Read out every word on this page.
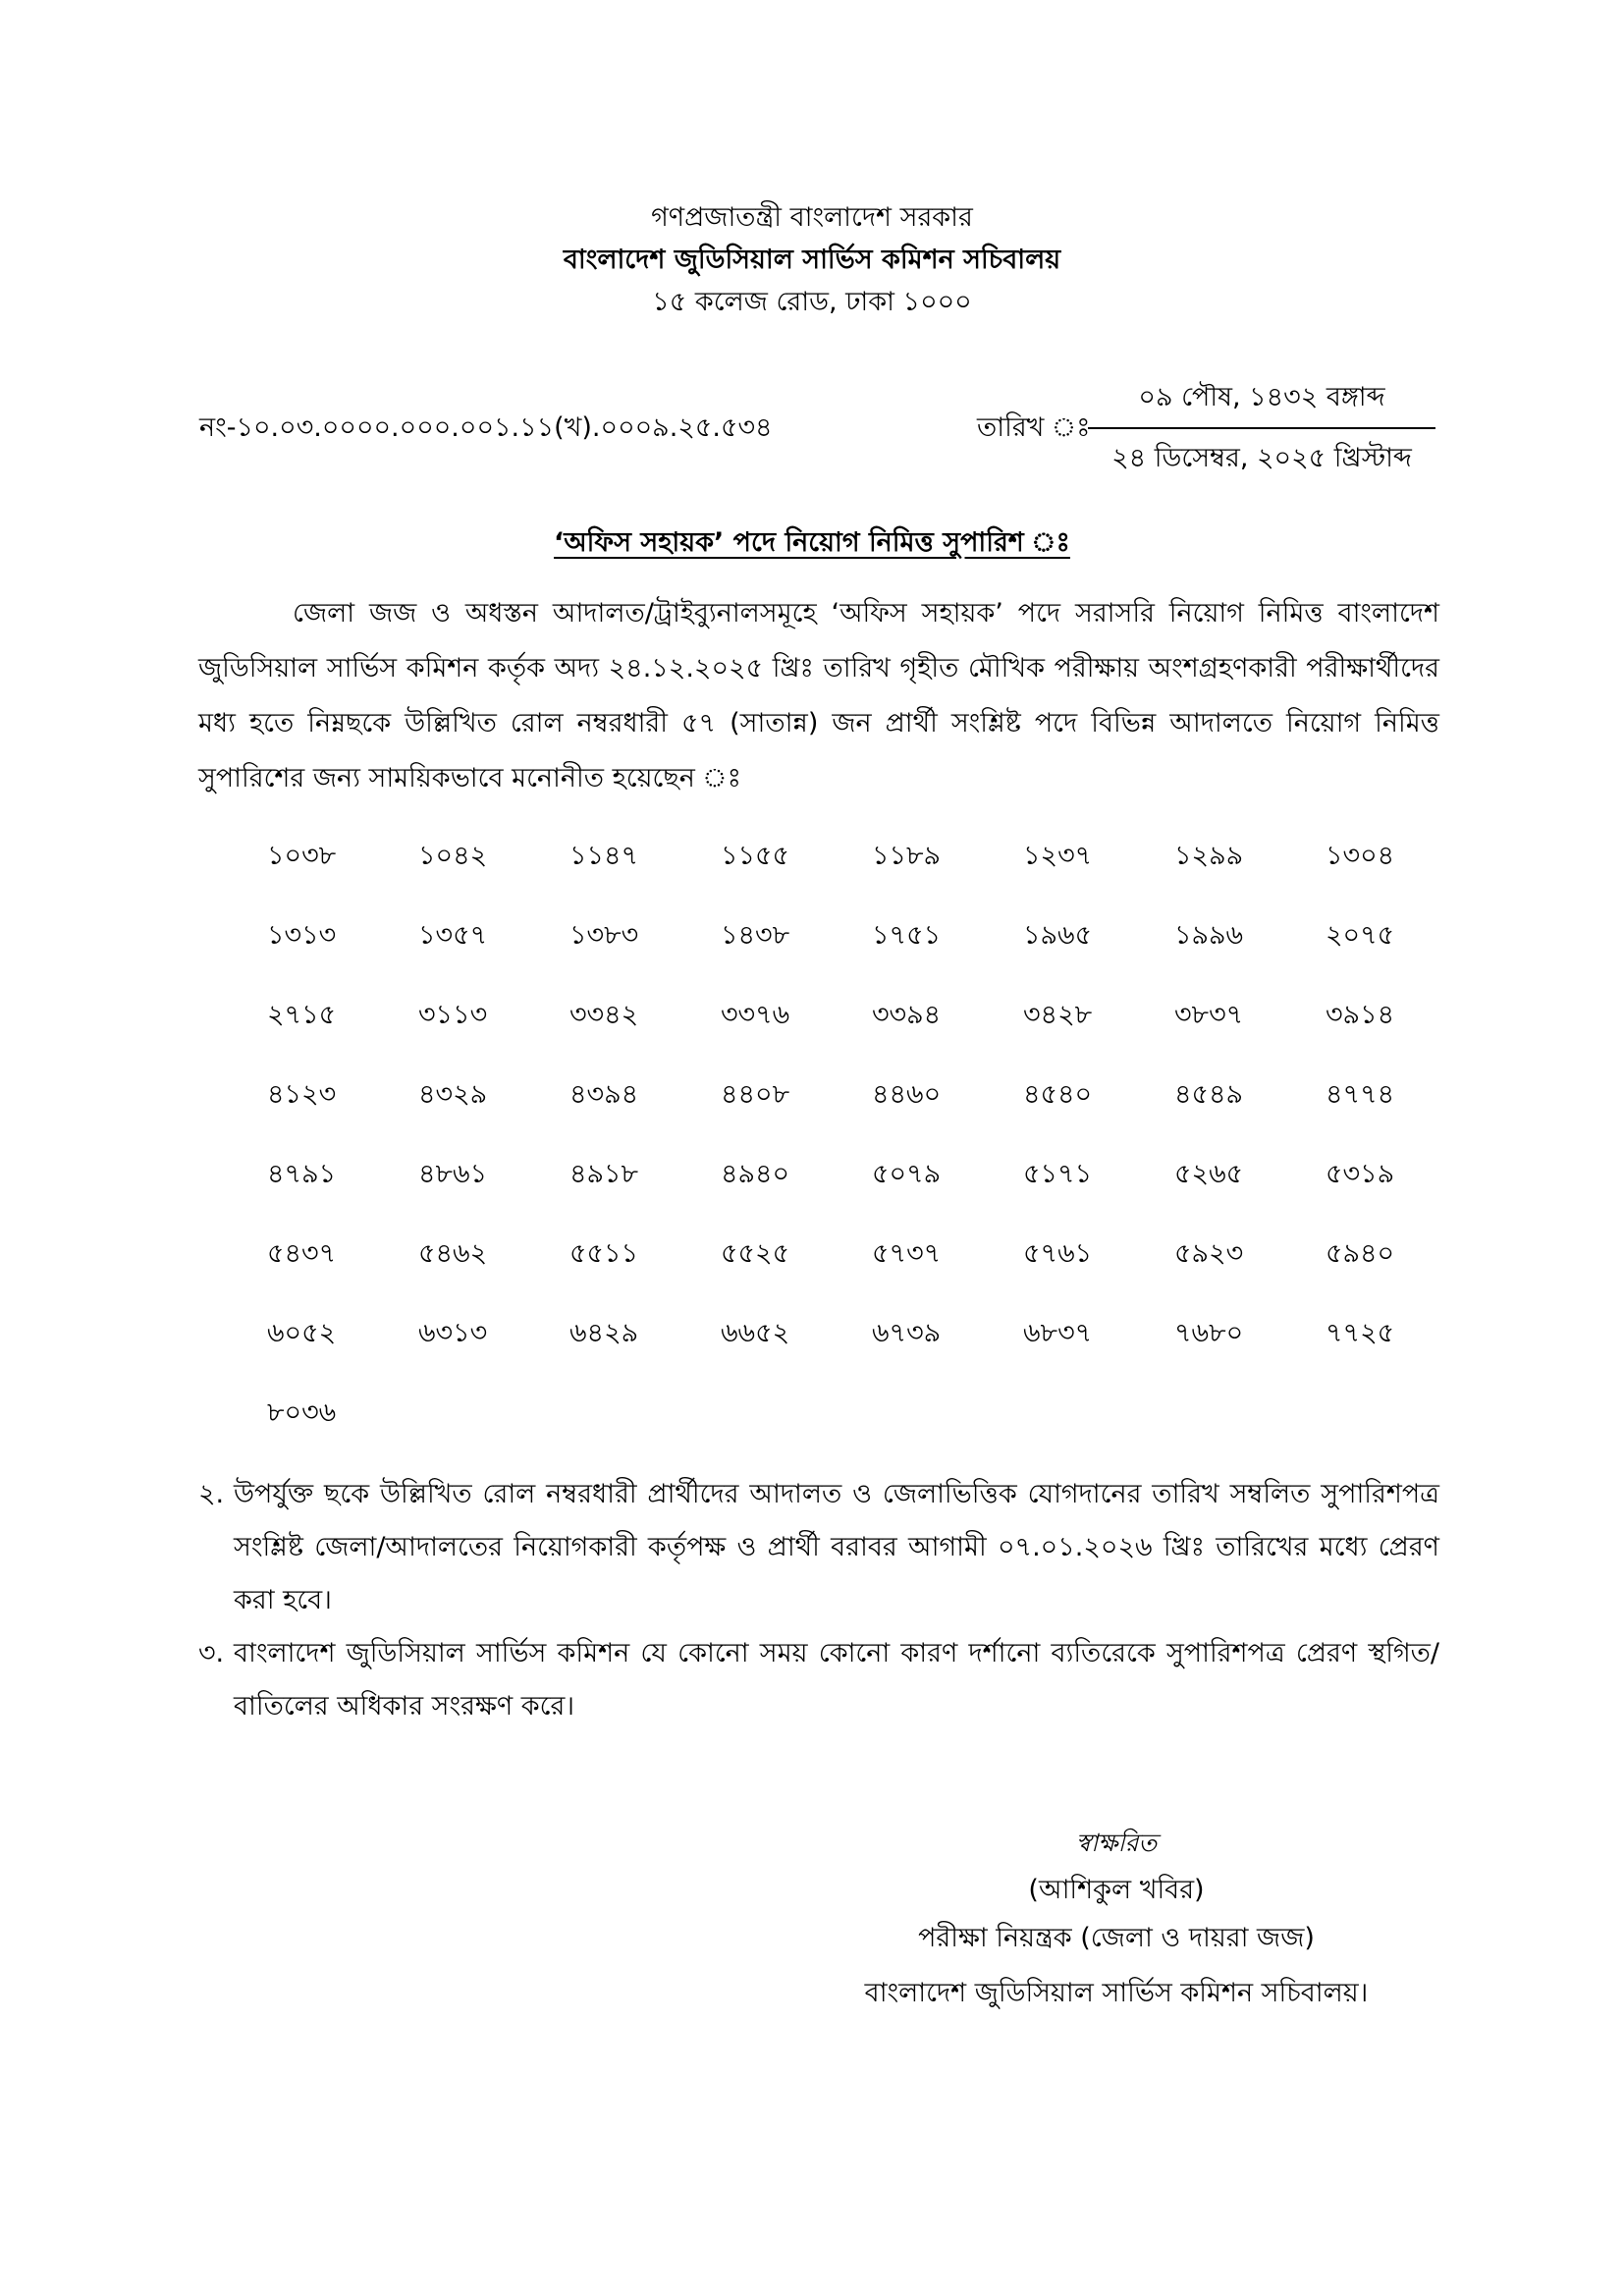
গণপ্রজাতন্ত্রী বাংলাদেশ সরকার
বাংলাদেশ জুডিসিয়াল সার্ভিস কমিশন সচিবালয়
১৫ কলেজ রোড, ঢাকা ১০০০
নং-১০.০৩.০০০০.০০০.০০১.১১(খ).০০০৯.২৫.৫৩৪	তারিখ ঃ
০৯ পৌষ, ১৪৩২ বঙ্গাব্দ
২৪ ডিসেম্বর, ২০২৫ খ্রিস্টাব্দ
‘অফিস সহায়ক’ পদে নিয়োগ নিমিত্ত সুপারিশ ঃ
জেলা জজ ও অধস্তন আদালত/ট্রাইব্যুনালসমূহে ‘অফিস সহায়ক’ পদে সরাসরি নিয়োগ নিমিত্ত বাংলাদেশ জুডিসিয়াল সার্ভিস কমিশন কর্তৃক অদ্য ২৪.১২.২০২৫ খ্রিঃ তারিখ গৃহীত মৌখিক পরীক্ষায় অংশগ্রহণকারী পরীক্ষার্থীদের মধ্য হতে নিম্নছকে উল্লিখিত রোল নম্বরধারী ৫৭ (সাতান্ন) জন প্রার্থী সংশ্লিষ্ট পদে বিভিন্ন আদালতে নিয়োগ নিমিত্ত সুপারিশের জন্য সাময়িকভাবে মনোনীত হয়েছেন ঃ
১০৩৮	১০৪২	১১৪৭	১১৫৫	১১৮৯	১২৩৭	১২৯৯	১৩০৪
১৩১৩	১৩৫৭	১৩৮৩	১৪৩৮	১৭৫১	১৯৬৫	১৯৯৬	২০৭৫
২৭১৫	৩১১৩	৩৩৪২	৩৩৭৬	৩৩৯৪	৩৪২৮	৩৮৩৭	৩৯১৪
৪১২৩	৪৩২৯	৪৩৯৪	৪৪০৮	৪৪৬০	৪৫৪০	৪৫৪৯	৪৭৭৪
৪৭৯১	৪৮৬১	৪৯১৮	৪৯৪০	৫০৭৯	৫১৭১	৫২৬৫	৫৩১৯
৫৪৩৭	৫৪৬২	৫৫১১	৫৫২৫	৫৭৩৭	৫৭৬১	৫৯২৩	৫৯৪০
৬০৫২	৬৩১৩	৬৪২৯	৬৬৫২	৬৭৩৯	৬৮৩৭	৭৬৮০	৭৭২৫
৮০৩৬
২. উপর্যুক্ত ছকে উল্লিখিত রোল নম্বরধারী প্রার্থীদের আদালত ও জেলাভিত্তিক যোগদানের তারিখ সম্বলিত সুপারিশপত্র সংশ্লিষ্ট জেলা/আদালতের নিয়োগকারী কর্তৃপক্ষ ও প্রার্থী বরাবর আগামী ০৭.০১.২০২৬ খ্রিঃ তারিখের মধ্যে প্রেরণ করা হবে।
৩. বাংলাদেশ জুডিসিয়াল সার্ভিস কমিশন যে কোনো সময় কোনো কারণ দর্শানো ব্যতিরেকে সুপারিশপত্র প্রেরণ স্থগিত/বাতিলের অধিকার সংরক্ষণ করে।
স্বাক্ষরিত
(আশিকুল খবির)
পরীক্ষা নিয়ন্ত্রক (জেলা ও দায়রা জজ)
বাংলাদেশ জুডিসিয়াল সার্ভিস কমিশন সচিবালয়।
